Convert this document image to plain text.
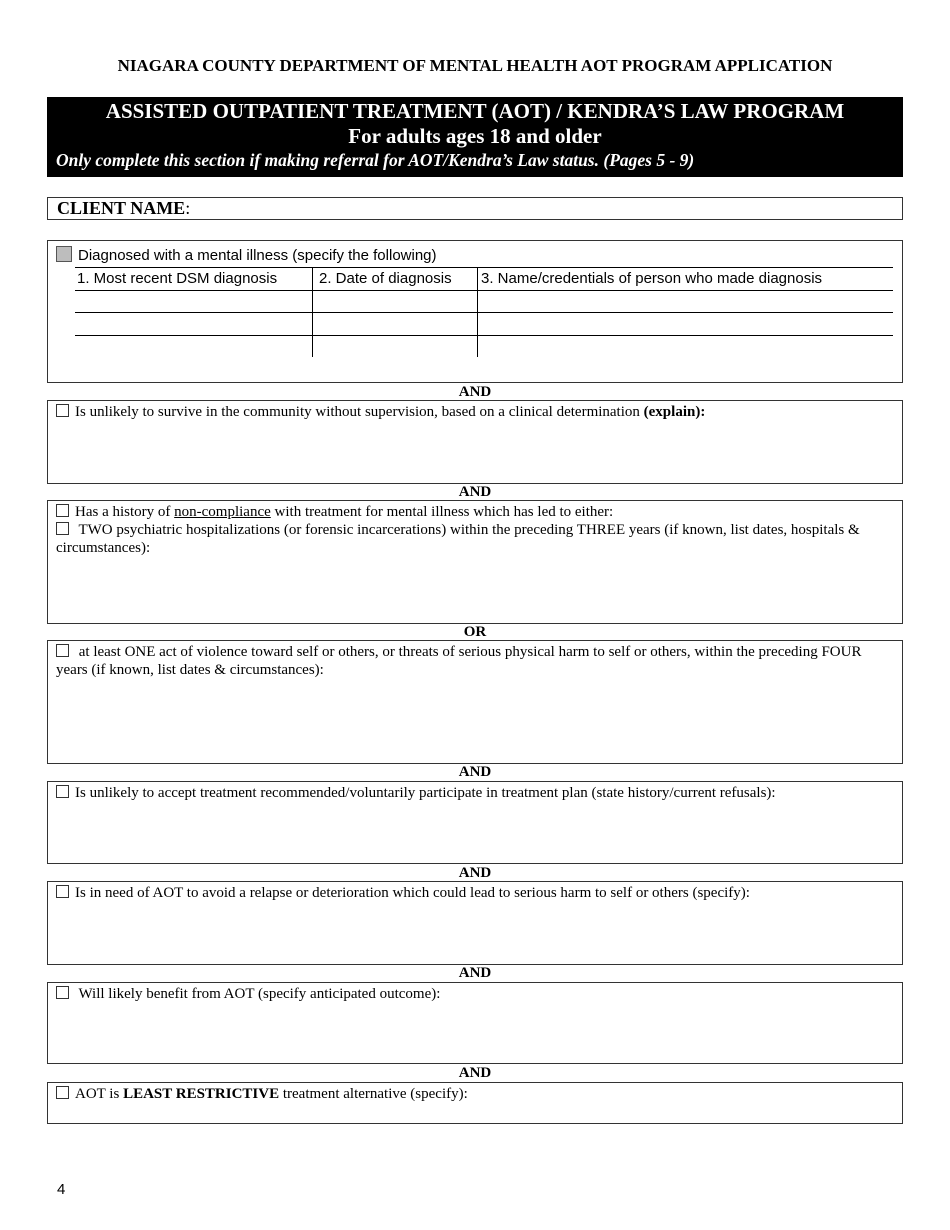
NIAGARA COUNTY DEPARTMENT OF MENTAL HEALTH AOT PROGRAM APPLICATION
ASSISTED OUTPATIENT TREATMENT (AOT) / KENDRA’S LAW PROGRAM
For adults ages 18 and older
Only complete this section if making referral for AOT/Kendra’s Law status. (Pages 5 - 9)
CLIENT NAME:
Diagnosed with a mental illness (specify the following)
1. Most recent DSM diagnosis	2. Date of diagnosis 3. Name/credentials of person who made diagnosis
AND
Is unlikely to survive in the community without supervision, based on a clinical determination (explain):
AND
Has a history of non-compliance with treatment for mental illness which has led to either:
TWO psychiatric hospitalizations (or forensic incarcerations) within the preceding THREE years (if known, list dates, hospitals & circumstances):
OR
at least ONE act of violence toward self or others, or threats of serious physical harm to self or others, within the preceding FOUR years (if known, list dates & circumstances):
AND
Is unlikely to accept treatment recommended/voluntarily participate in treatment plan (state history/current refusals):
AND
Is in need of AOT to avoid a relapse or deterioration which could lead to serious harm to self or others (specify):
AND
Will likely benefit from AOT (specify anticipated outcome):
AND
AOT is LEAST RESTRICTIVE treatment alternative (specify):
4
